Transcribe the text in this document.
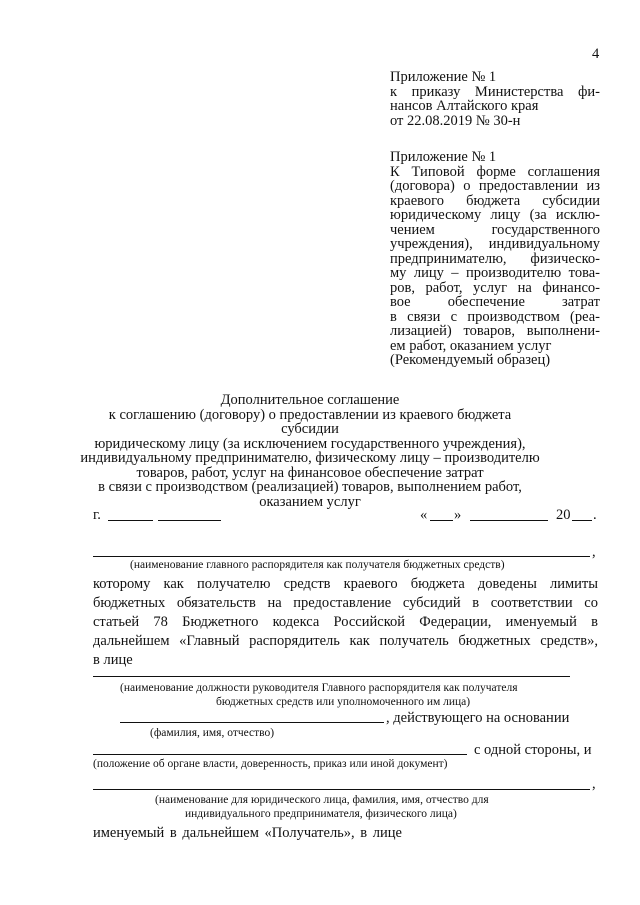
4
Приложение № 1
к приказу Министерства фи-
нансов Алтайского края
от 22.08.2019 № 30-н
Приложение № 1
К Типовой форме соглашения
(договора) о предоставлении из
краевого бюджета субсидии
юридическому лицу (за исклю-
чением государственного
учреждения), индивидуальному
предпринимателю, физическо-
му лицу – производителю това-
ров, работ, услуг на финансо-
вое обеспечение затрат
в связи с производством (реа-
лизацией) товаров, выполнени-
ем работ, оказанием услуг
(Рекомендуемый образец)
Дополнительное соглашение
к соглашению (договору) о предоставлении из краевого бюджета субсидии
юридическому лицу (за исключением государственного учреждения),
индивидуальному предпринимателю, физическому лицу – производителю
товаров, работ, услуг на финансовое обеспечение затрат
в связи с производством (реализацией) товаров, выполнением работ,
оказанием услуг
г.	« »	20 .
,
(наименование главного распорядителя как получателя бюджетных средств)
которому как получателю средств краевого бюджета доведены лимиты
бюджетных обязательств на предоставление субсидий в соответствии со
статьей 78 Бюджетного кодекса Российской Федерации, именуемый в
дальнейшем «Главный распорядитель как получатель бюджетных средств»,
в лице
(наименование должности руководителя Главного распорядителя как получателя
бюджетных средств или уполномоченного им лица)
, действующего на основании
(фамилия, имя, отчество)
с одной стороны, и
(положение об органе власти, доверенность, приказ или иной документ)
,
(наименование для юридического лица, фамилия, имя, отчество для
индивидуального предпринимателя, физического лица)
именуемый в дальнейшем «Получатель», в лице
